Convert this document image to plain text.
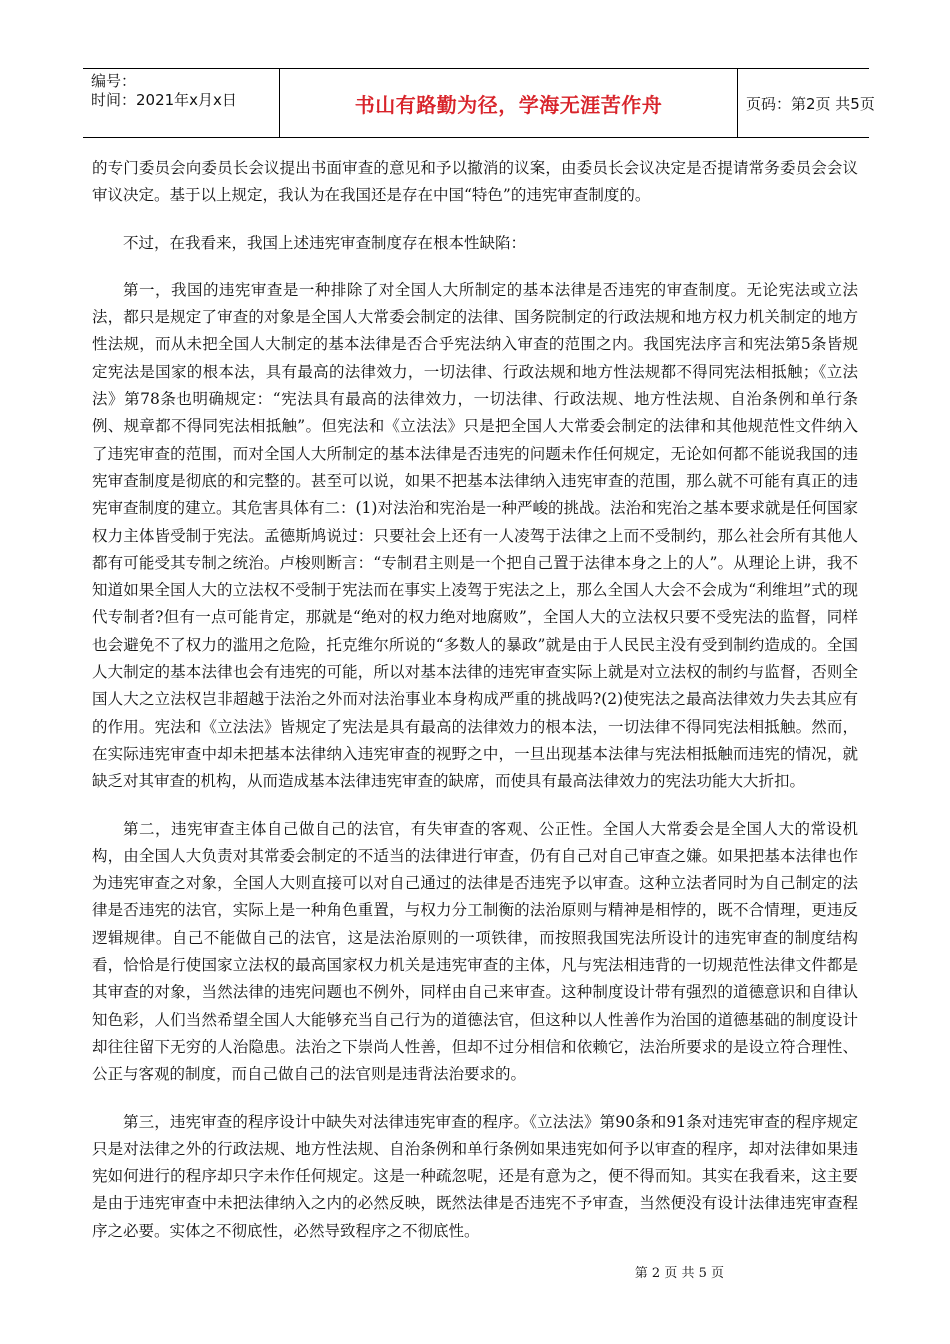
编号：
时间：2021年x月x日	书山有路勤为径，学海无涯苦作舟	页码：第2页 共5页

的专门委员会向委员长会议提出书面审查的意见和予以撤消的议案，由委员长会议决定是否提请常务委员会会议审议决定。基于以上规定，我认为在我国还是存在中国“特色”的违宪审查制度的。

不过，在我看来，我国上述违宪审查制度存在根本性缺陷：

第一，我国的违宪审查是一种排除了对全国人大所制定的基本法律是否违宪的审查制度。无论宪法或立法法，都只是规定了审查的对象是全国人大常委会制定的法律、国务院制定的行政法规和地方权力机关制定的地方性法规，而从未把全国人大制定的基本法律是否合乎宪法纳入审查的范围之内。我国宪法序言和宪法第5条皆规定宪法是国家的根本法，具有最高的法律效力，一切法律、行政法规和地方性法规都不得同宪法相抵触；《立法法》第78条也明确规定：“宪法具有最高的法律效力，一切法律、行政法规、地方性法规、自治条例和单行条例、规章都不得同宪法相抵触”。但宪法和《立法法》只是把全国人大常委会制定的法律和其他规范性文件纳入了违宪审查的范围，而对全国人大所制定的基本法律是否违宪的问题未作任何规定，无论如何都不能说我国的违宪审查制度是彻底的和完整的。甚至可以说，如果不把基本法律纳入违宪审查的范围，那么就不可能有真正的违宪审查制度的建立。其危害具体有二：(1)对法治和宪治是一种严峻的挑战。法治和宪治之基本要求就是任何国家权力主体皆受制于宪法。孟德斯鸠说过：只要社会上还有一人凌驾于法律之上而不受制约，那么社会所有其他人都有可能受其专制之统治。卢梭则断言：“专制君主则是一个把自己置于法律本身之上的人”。从理论上讲，我不知道如果全国人大的立法权不受制于宪法而在事实上凌驾于宪法之上，那么全国人大会不会成为“利维坦”式的现代专制者?但有一点可能肯定，那就是“绝对的权力绝对地腐败”，全国人大的立法权只要不受宪法的监督，同样也会避免不了权力的滥用之危险，托克维尔所说的“多数人的暴政”就是由于人民民主没有受到制约造成的。全国人大制定的基本法律也会有违宪的可能，所以对基本法律的违宪审查实际上就是对立法权的制约与监督，否则全国人大之立法权岂非超越于法治之外而对法治事业本身构成严重的挑战吗?(2)使宪法之最高法律效力失去其应有的作用。宪法和《立法法》皆规定了宪法是具有最高的法律效力的根本法，一切法律不得同宪法相抵触。然而，在实际违宪审查中却未把基本法律纳入违宪审查的视野之中，一旦出现基本法律与宪法相抵触而违宪的情况，就缺乏对其审查的机构，从而造成基本法律违宪审查的缺席，而使具有最高法律效力的宪法功能大大折扣。

第二，违宪审查主体自己做自己的法官，有失审查的客观、公正性。全国人大常委会是全国人大的常设机构，由全国人大负责对其常委会制定的不适当的法律进行审查，仍有自己对自己审查之嫌。如果把基本法律也作为违宪审查之对象，全国人大则直接可以对自己通过的法律是否违宪予以审查。这种立法者同时为自己制定的法律是否违宪的法官，实际上是一种角色重置，与权力分工制衡的法治原则与精神是相悖的，既不合情理，更违反逻辑规律。自己不能做自己的法官，这是法治原则的一项铁律，而按照我国宪法所设计的违宪审查的制度结构看，恰恰是行使国家立法权的最高国家权力机关是违宪审查的主体，凡与宪法相违背的一切规范性法律文件都是其审查的对象，当然法律的违宪问题也不例外，同样由自己来审查。这种制度设计带有强烈的道德意识和自律认知色彩，人们当然希望全国人大能够充当自己行为的道德法官，但这种以人性善作为治国的道德基础的制度设计却往往留下无穷的人治隐患。法治之下崇尚人性善，但却不过分相信和依赖它，法治所要求的是设立符合理性、公正与客观的制度，而自己做自己的法官则是违背法治要求的。

第三，违宪审查的程序设计中缺失对法律违宪审查的程序。《立法法》第90条和91条对违宪审查的程序规定只是对法律之外的行政法规、地方性法规、自治条例和单行条例如果违宪如何予以审查的程序，却对法律如果违宪如何进行的程序却只字未作任何规定。这是一种疏忽呢，还是有意为之，便不得而知。其实在我看来，这主要是由于违宪审查中未把法律纳入之内的必然反映，既然法律是否违宪不予审查，当然便没有设计法律违宪审查程序之必要。实体之不彻底性，必然导致程序之不彻底性。

第 2 页 共 5 页
